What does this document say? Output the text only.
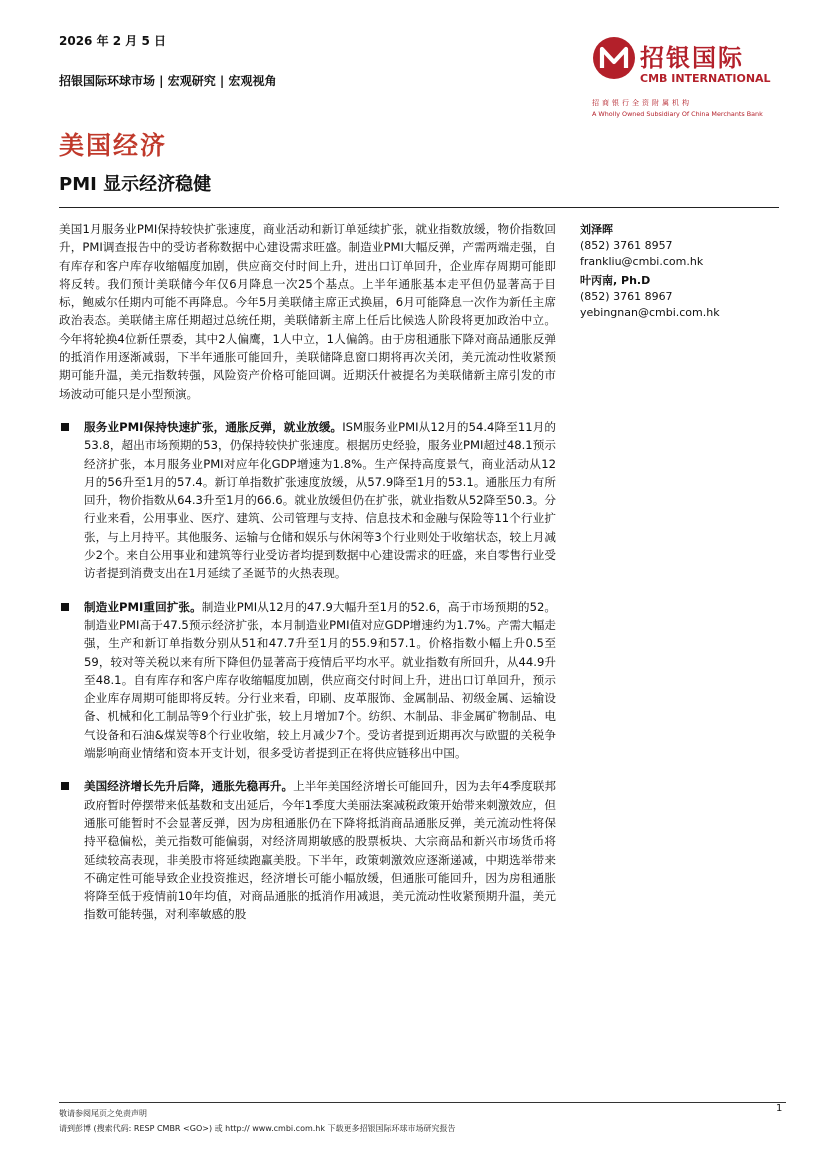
2026 年 2 月 5 日
招银国际环球市场 | 宏观研究 | 宏观视角
招银国际
CMB INTERNATIONAL
招商银行全资附属机构
A Wholly Owned Subsidiary Of China Merchants Bank
美国经济
PMI 显示经济稳健
刘泽晖
(852) 3761 8957
frankliu@cmbi.com.hk
叶丙南, Ph.D
(852) 3761 8967
yebingnan@cmbi.com.hk

美国1月服务业PMI保持较快扩张速度，商业活动和新订单延续扩张，就业指数放缓，物价指数回升，PMI调查报告中的受访者称数据中心建设需求旺盛。制造业PMI大幅反弹，产需两端走强，自有库存和客户库存收缩幅度加剧，供应商交付时间上升，进出口订单回升，企业库存周期可能即将反转。我们预计美联储今年仅6月降息一次25个基点。上半年通胀基本走平但仍显著高于目标，鲍威尔任期内可能不再降息。今年5月美联储主席正式换届，6月可能降息一次作为新任主席政治表态。美联储主席任期超过总统任期，美联储新主席上任后比候选人阶段将更加政治中立。今年将轮换4位新任票委，其中2人偏鹰，1人中立，1人偏鸽。由于房租通胀下降对商品通胀反弹的抵消作用逐渐减弱，下半年通胀可能回升，美联储降息窗口期将再次关闭，美元流动性收紧预期可能升温，美元指数转强，风险资产价格可能回调。近期沃什被提名为美联储新主席引发的市场波动可能只是小型预演。

服务业PMI保持快速扩张，通胀反弹，就业放缓。ISM服务业PMI从12月的54.4降至11月的53.8，超出市场预期的53，仍保持较快扩张速度。根据历史经验，服务业PMI超过48.1预示经济扩张，本月服务业PMI对应年化GDP增速为1.8%。生产保持高度景气，商业活动从12月的56升至1月的57.4。新订单指数扩张速度放缓，从57.9降至1月的53.1。通胀压力有所回升，物价指数从64.3升至1月的66.6。就业放缓但仍在扩张，就业指数从52降至50.3。分行业来看，公用事业、医疗、建筑、公司管理与支持、信息技术和金融与保险等11个行业扩张，与上月持平。其他服务、运输与仓储和娱乐与休闲等3个行业则处于收缩状态，较上月减少2个。来自公用事业和建筑等行业受访者均提到数据中心建设需求的旺盛，来自零售行业受访者提到消费支出在1月延续了圣诞节的火热表现。

制造业PMI重回扩张。制造业PMI从12月的47.9大幅升至1月的52.6，高于市场预期的52。制造业PMI高于47.5预示经济扩张，本月制造业PMI值对应GDP增速约为1.7%。产需大幅走强，生产和新订单指数分别从51和47.7升至1月的55.9和57.1。价格指数小幅上升0.5至59，较对等关税以来有所下降但仍显著高于疫情后平均水平。就业指数有所回升，从44.9升至48.1。自有库存和客户库存收缩幅度加剧，供应商交付时间上升，进出口订单回升，预示企业库存周期可能即将反转。分行业来看，印刷、皮革服饰、金属制品、初级金属、运输设备、机械和化工制品等9个行业扩张，较上月增加7个。纺织、木制品、非金属矿物制品、电气设备和石油&煤炭等8个行业收缩，较上月减少7个。受访者提到近期再次与欧盟的关税争端影响商业情绪和资本开支计划，很多受访者提到正在将供应链移出中国。

美国经济增长先升后降，通胀先稳再升。上半年美国经济增长可能回升，因为去年4季度联邦政府暂时停摆带来低基数和支出延后，今年1季度大美丽法案减税政策开始带来刺激效应，但通胀可能暂时不会显著反弹，因为房租通胀仍在下降将抵消商品通胀反弹，美元流动性将保持平稳偏松，美元指数可能偏弱，对经济周期敏感的股票板块、大宗商品和新兴市场货币将延续较高表现，非美股市将延续跑赢美股。下半年，政策刺激效应逐渐递减，中期选举带来不确定性可能导致企业投资推迟，经济增长可能小幅放缓，但通胀可能回升，因为房租通胀将降至低于疫情前10年均值，对商品通胀的抵消作用减退，美元流动性收紧预期升温，美元指数可能转强，对利率敏感的股

敬请参阅尾页之免责声明
请到彭博 (搜索代码: RESP CMBR <GO>) 或 http:// www.cmbi.com.hk 下载更多招银国际环球市场研究报告
1
